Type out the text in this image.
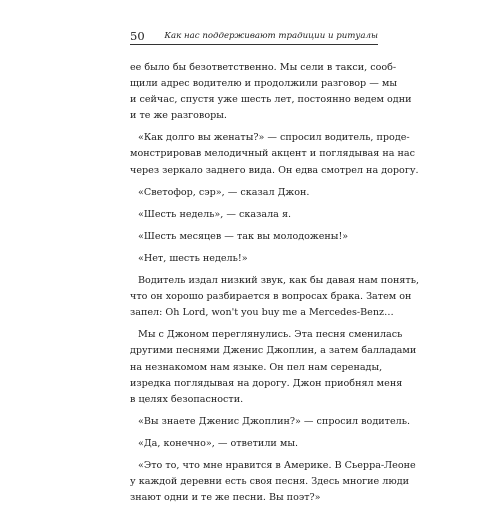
50 Как нас поддерживают традиции и ритуалы
ее было бы безответственно. Мы сели в такси, сооб-
щили адрес водителю и продолжили разговор — мы
и сейчас, спустя уже шесть лет, постоянно ведем одни
и те же разговоры.
«Как долго вы женаты?» — спросил водитель, проде-
монстрировав мелодичный акцент и поглядывая на нас
через зеркало заднего вида. Он едва смотрел на дорогу.
«Светофор, сэр», — сказал Джон.
«Шесть недель», — сказала я.
«Шесть месяцев — так вы молодожены!»
«Нет, шесть недель!»
Водитель издал низкий звук, как бы давая нам понять,
что он хорошо разбирается в вопросах брака. Затем он
запел: Oh Lord, won't you buy me a Mercedes-Benz…
Мы с Джоном переглянулись. Эта песня сменилась
другими песнями Дженис Джоплин, а затем балладами
на незнакомом нам языке. Он пел нам серенады,
изредка поглядывая на дорогу. Джон приобнял меня
в целях безопасности.
«Вы знаете Дженис Джоплин?» — спросил водитель.
«Да, конечно», — ответили мы.
«Это то, что мне нравится в Америке. В Сьерра-Леоне
у каждой деревни есть своя песня. Здесь многие люди
знают одни и те же песни. Вы поэт?»
